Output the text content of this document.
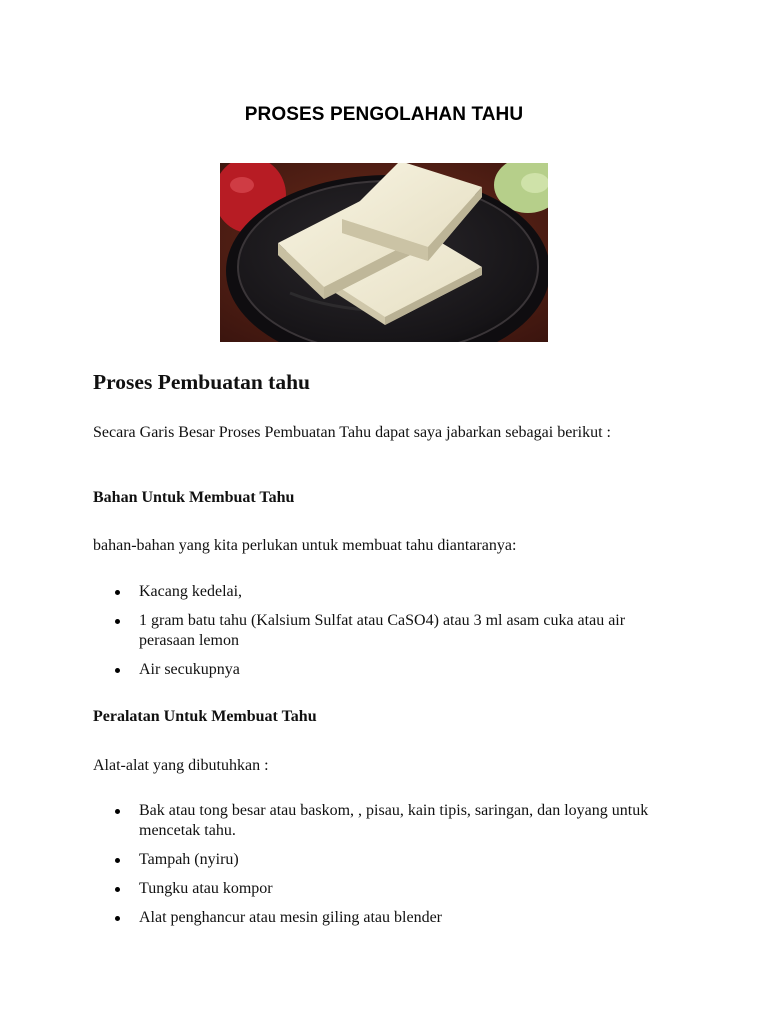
PROSES PENGOLAHAN TAHU
Proses Pembuatan tahu
Secara Garis Besar Proses Pembuatan Tahu dapat saya jabarkan sebagai berikut :
Bahan Untuk Membuat Tahu
bahan-bahan yang kita perlukan untuk membuat tahu diantaranya:
Kacang kedelai,
1 gram batu tahu (Kalsium Sulfat atau CaSO4) atau 3 ml asam cuka atau air perasaan lemon
Air secukupnya
Peralatan Untuk Membuat Tahu
Alat-alat yang dibutuhkan :
Bak atau tong besar atau baskom, , pisau, kain tipis, saringan, dan loyang untuk mencetak tahu.
Tampah (nyiru)
Tungku atau kompor
Alat penghancur atau mesin giling atau blender
